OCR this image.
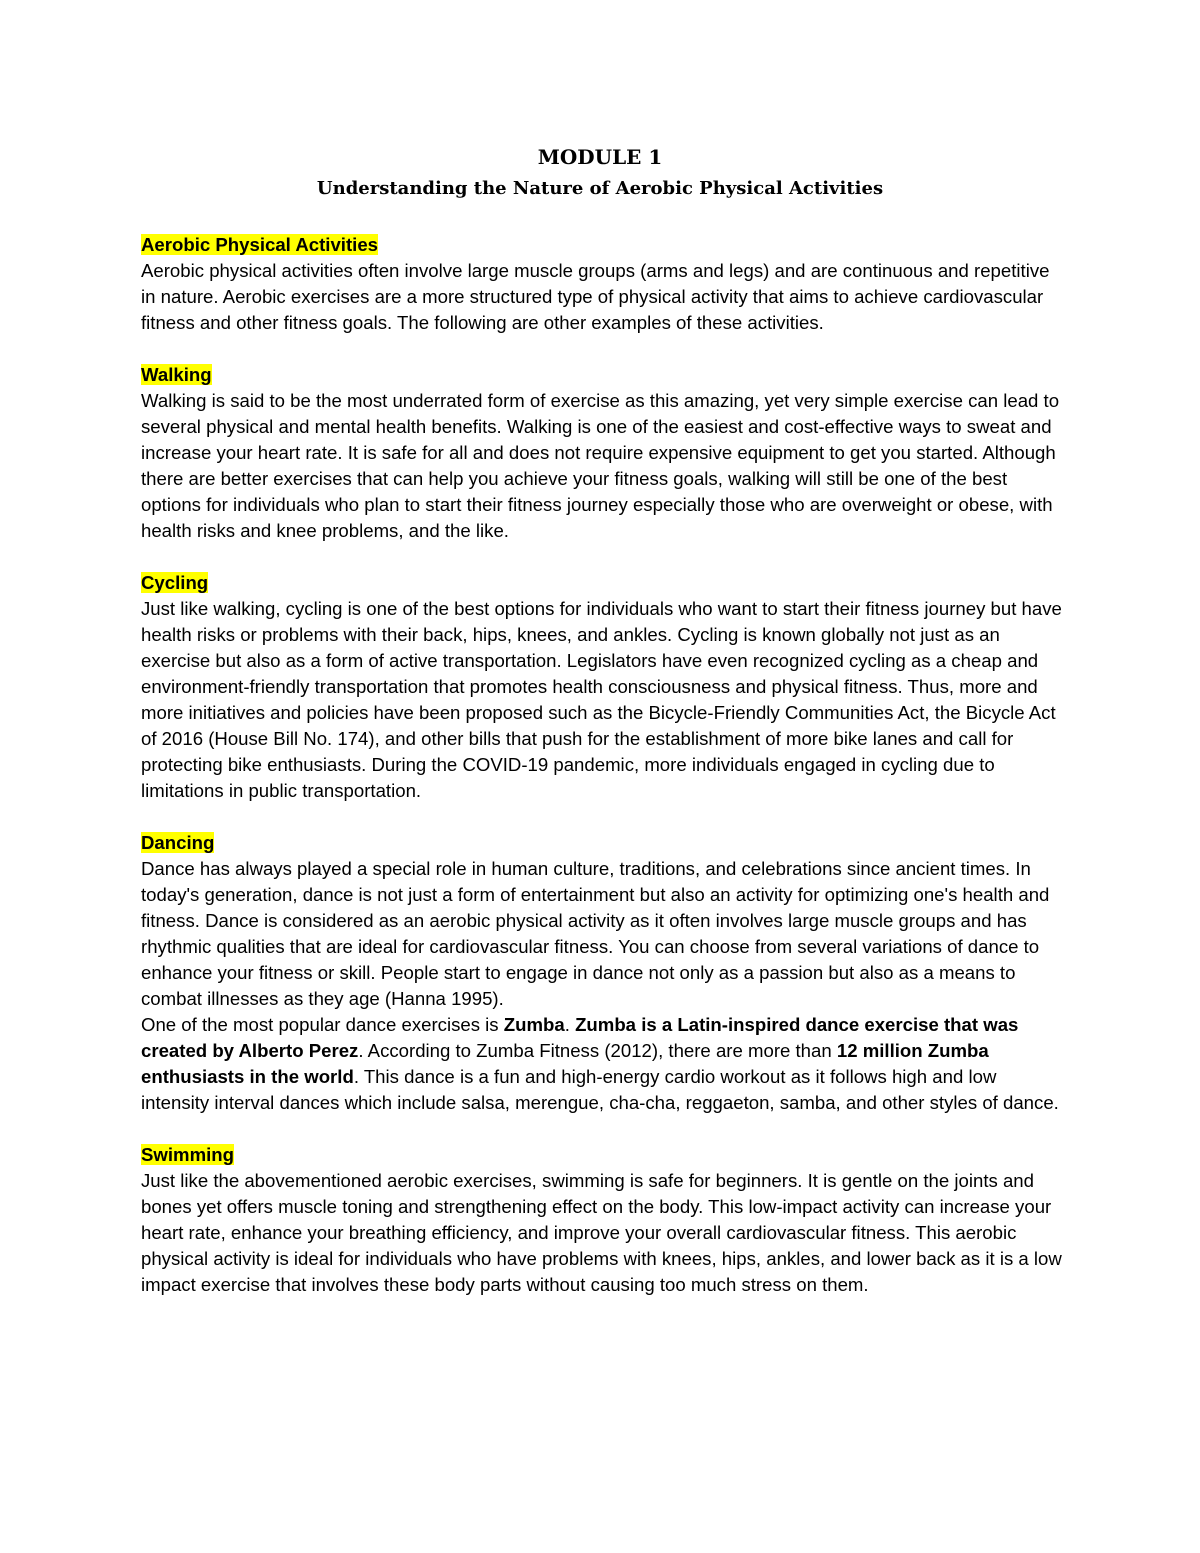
MODULE 1
Understanding the Nature of Aerobic Physical Activities
Aerobic Physical Activities

Aerobic physical activities often involve large muscle groups (arms and legs) and are continuous and repetitive in nature. Aerobic exercises are a more structured type of physical activity that aims to achieve cardiovascular fitness and other fitness goals. The following are other examples of these activities.

Walking

Walking is said to be the most underrated form of exercise as this amazing, yet very simple exercise can lead to several physical and mental health benefits. Walking is one of the easiest and cost-effective ways to sweat and increase your heart rate. It is safe for all and does not require expensive equipment to get you started. Although there are better exercises that can help you achieve your fitness goals, walking will still be one of the best options for individuals who plan to start their fitness journey especially those who are overweight or obese, with health risks and knee problems, and the like.

Cycling

Just like walking, cycling is one of the best options for individuals who want to start their fitness journey but have health risks or problems with their back, hips, knees, and ankles. Cycling is known globally not just as an exercise but also as a form of active transportation. Legislators have even recognized cycling as a cheap and environment-friendly transportation that promotes health consciousness and physical fitness. Thus, more and more initiatives and policies have been proposed such as the Bicycle-Friendly Communities Act, the Bicycle Act of 2016 (House Bill No. 174), and other bills that push for the establishment of more bike lanes and call for protecting bike enthusiasts. During the COVID-19 pandemic, more individuals engaged in cycling due to limitations in public transportation.

Dancing

Dance has always played a special role in human culture, traditions, and celebrations since ancient times. In today's generation, dance is not just a form of entertainment but also an activity for optimizing one's health and fitness. Dance is considered as an aerobic physical activity as it often involves large muscle groups and has rhythmic qualities that are ideal for cardiovascular fitness. You can choose from several variations of dance to enhance your fitness or skill. People start to engage in dance not only as a passion but also as a means to combat illnesses as they age (Hanna 1995).

One of the most popular dance exercises is Zumba. Zumba is a Latin-inspired dance exercise that was created by Alberto Perez. According to Zumba Fitness (2012), there are more than 12 million Zumba enthusiasts in the world. This dance is a fun and high-energy cardio workout as it follows high and low intensity interval dances which include salsa, merengue, cha-cha, reggaeton, samba, and other styles of dance.

Swimming

Just like the abovementioned aerobic exercises, swimming is safe for beginners. It is gentle on the joints and bones yet offers muscle toning and strengthening effect on the body. This low-impact activity can increase your heart rate, enhance your breathing efficiency, and improve your overall cardiovascular fitness. This aerobic physical activity is ideal for individuals who have problems with knees, hips, ankles, and lower back as it is a low impact exercise that involves these body parts without causing too much stress on them.
